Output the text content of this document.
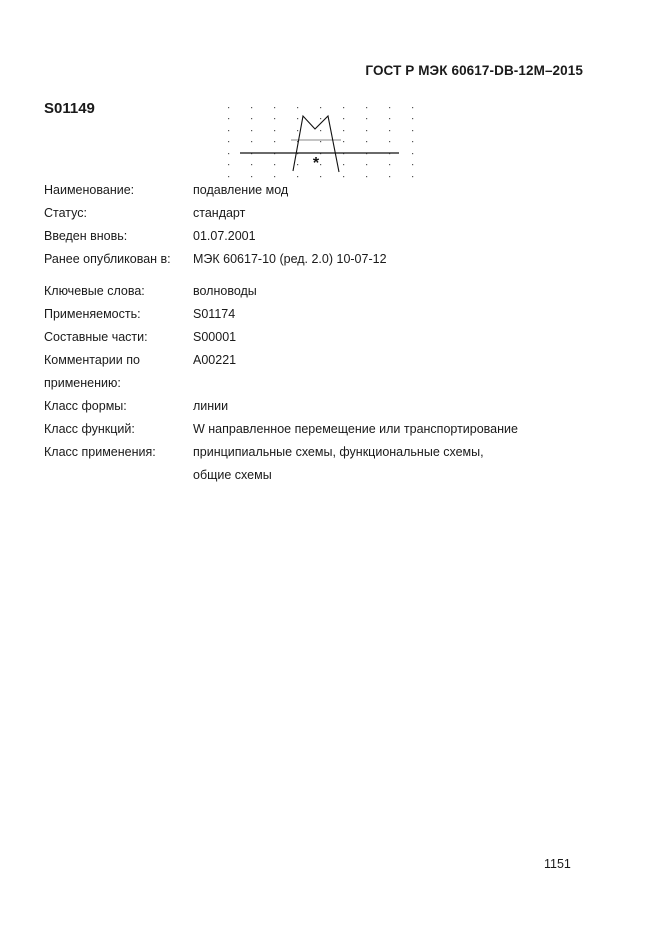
ГОСТ Р МЭК 60617-DB-12M–2015
S01149
*
Наименование:	подавление мод
Статус:	стандарт
Введен вновь:	01.07.2001
Ранее опубликован в:	МЭК 60617-10 (ред. 2.0) 10-07-12
Ключевые слова:	волноводы
Применяемость:	S01174
Составные части:	S00001
Комментарии по	A00221
применению:
Класс формы:	линии
Класс функций:	W направленное перемещение или транспортирование
Класс применения:	принципиальные схемы, функциональные схемы,
общие схемы
1151
